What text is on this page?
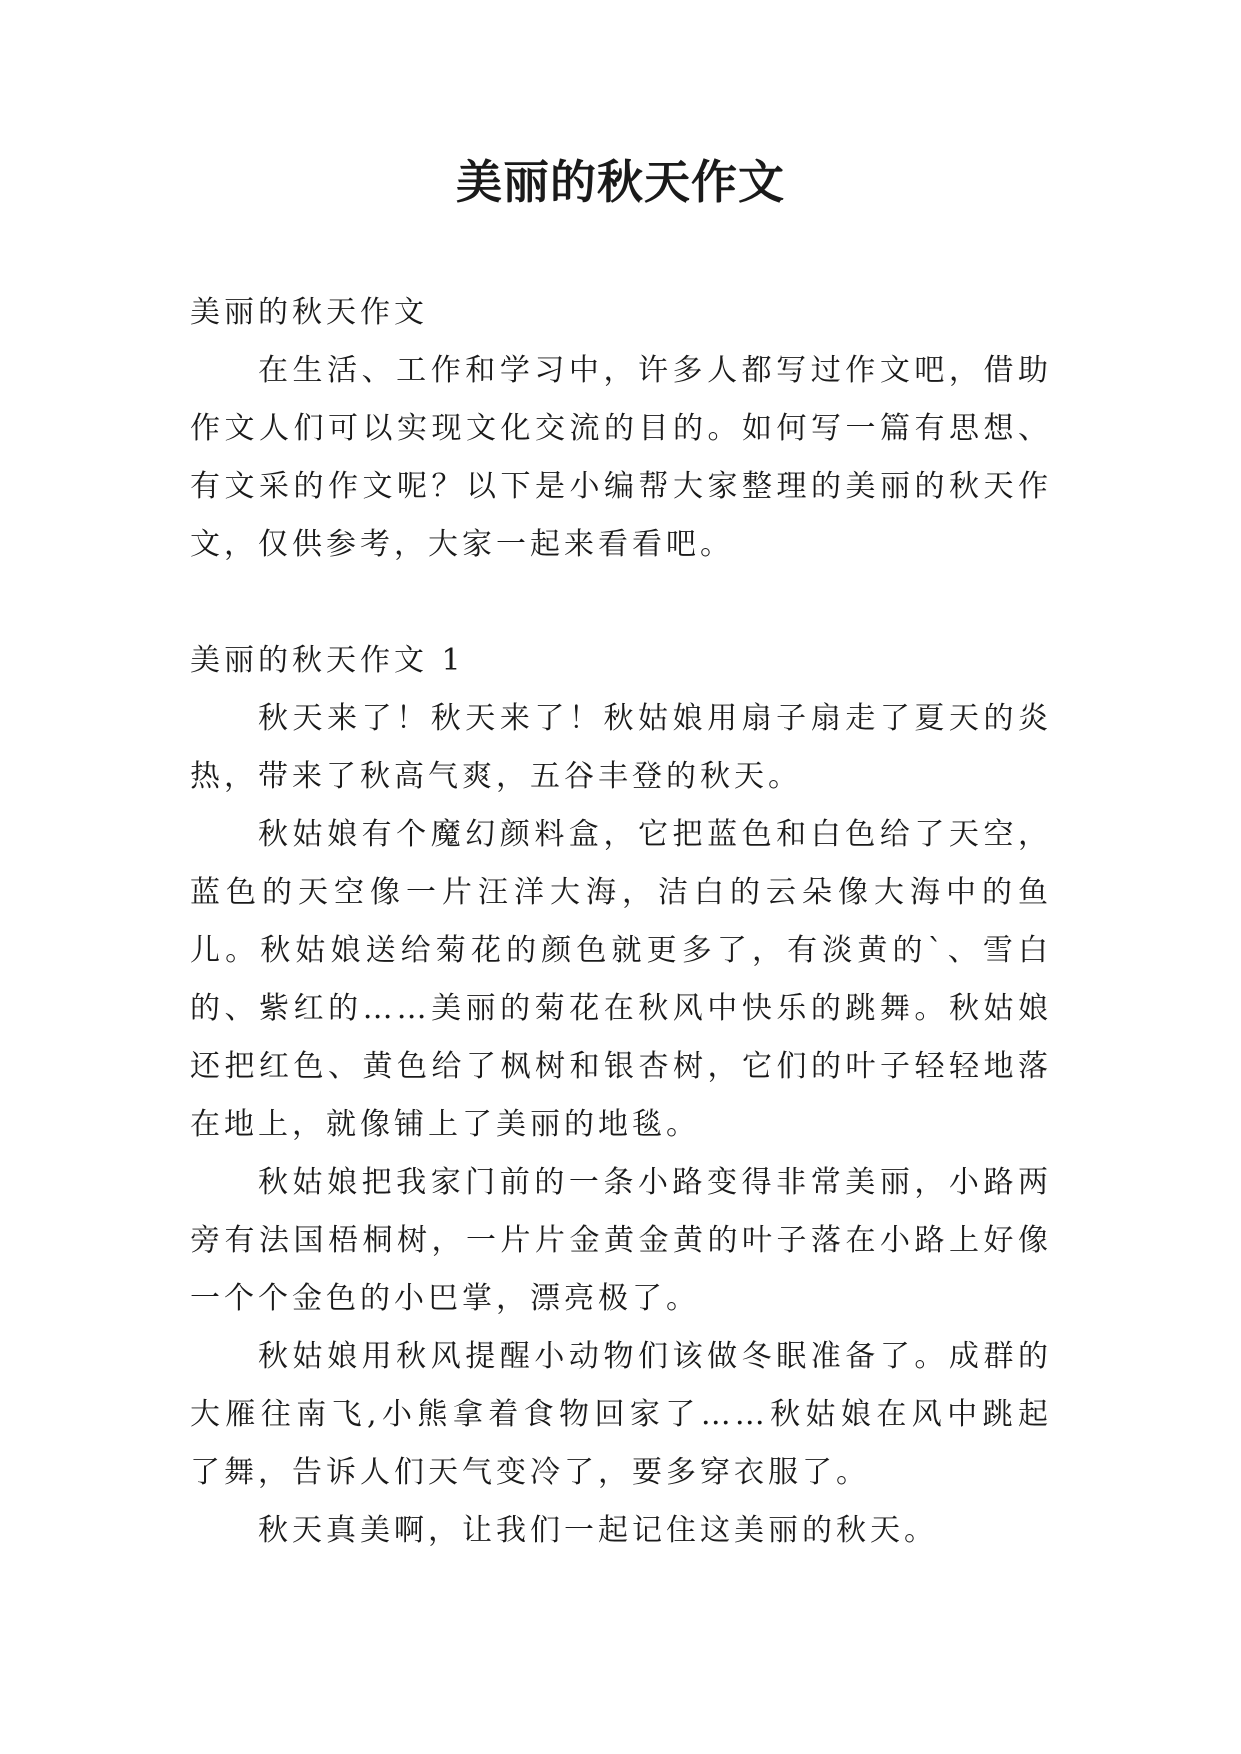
美丽的秋天作文

美丽的秋天作文

在生活、工作和学习中，许多人都写过作文吧，借助作文人们可以实现文化交流的目的。如何写一篇有思想、有文采的作文呢？以下是小编帮大家整理的美丽的秋天作文，仅供参考，大家一起来看看吧。

美丽的秋天作文 1

秋天来了！秋天来了！秋姑娘用扇子扇走了夏天的炎热，带来了秋高气爽，五谷丰登的秋天。

秋姑娘有个魔幻颜料盒，它把蓝色和白色给了天空，蓝色的天空像一片汪洋大海，洁白的云朵像大海中的鱼儿。秋姑娘送给菊花的颜色就更多了，有淡黄的`、雪白的、紫红的……美丽的菊花在秋风中快乐的跳舞。秋姑娘还把红色、黄色给了枫树和银杏树，它们的叶子轻轻地落在地上，就像铺上了美丽的地毯。

秋姑娘把我家门前的一条小路变得非常美丽，小路两旁有法国梧桐树，一片片金黄金黄的叶子落在小路上好像一个个金色的小巴掌，漂亮极了。

秋姑娘用秋风提醒小动物们该做冬眠准备了。成群的大雁往南飞,小熊拿着食物回家了……秋姑娘在风中跳起了舞，告诉人们天气变冷了，要多穿衣服了。

秋天真美啊，让我们一起记住这美丽的秋天。
